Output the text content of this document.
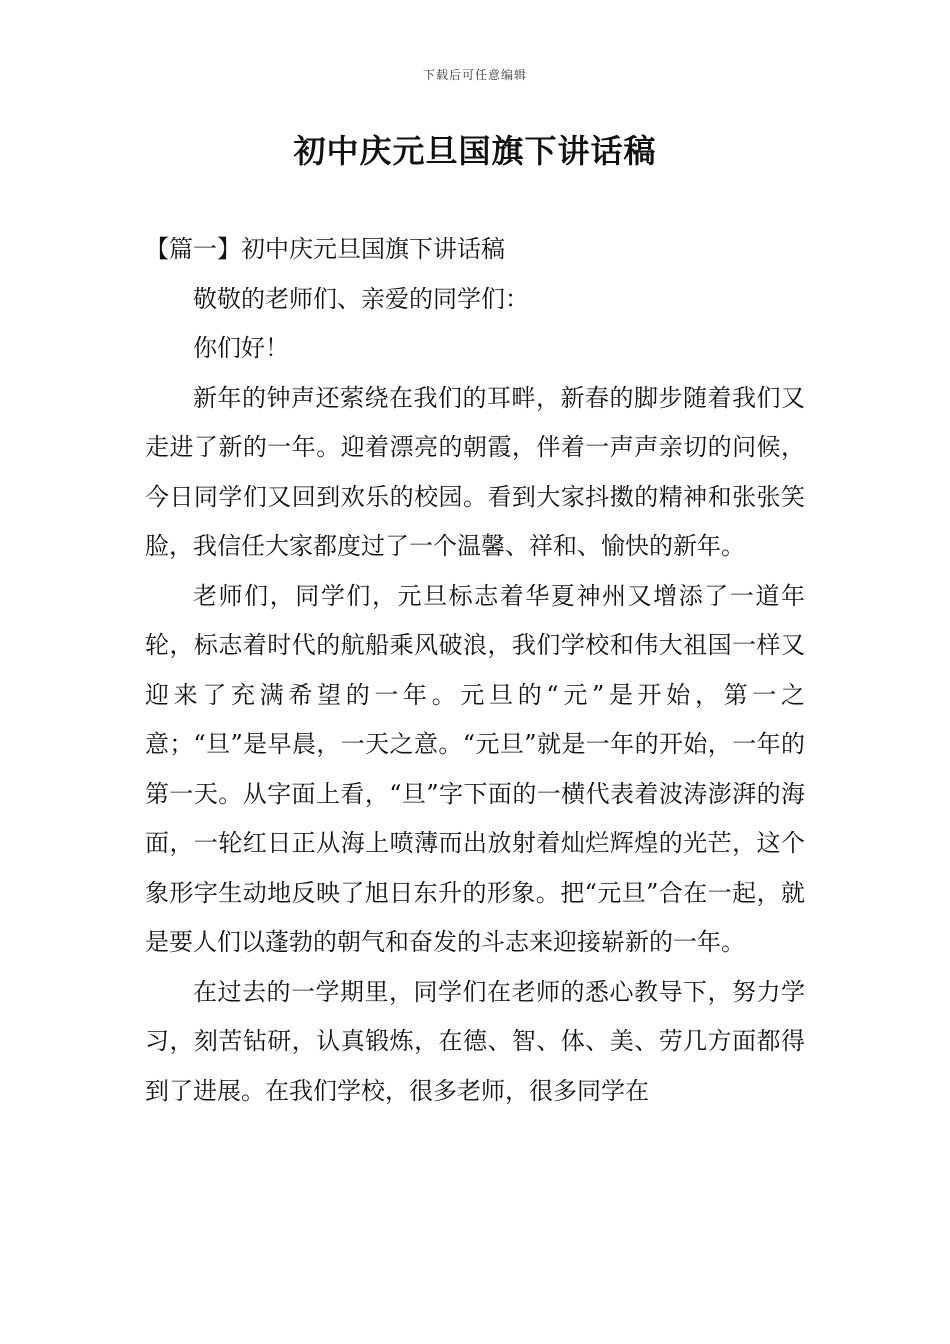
下载后可任意编辑
初中庆元旦国旗下讲话稿

【篇一】初中庆元旦国旗下讲话稿

敬敬的老师们、亲爱的同学们：

你们好！

新年的钟声还萦绕在我们的耳畔，新春的脚步随着我们又走进了新的一年。迎着漂亮的朝霞，伴着一声声亲切的问候，今日同学们又回到欢乐的校园。看到大家抖擞的精神和张张笑脸，我信任大家都度过了一个温馨、祥和、愉快的新年。

老师们，同学们，元旦标志着华夏神州又增添了一道年轮，标志着时代的航船乘风破浪，我们学校和伟大祖国一样又迎来了充满希望的一年。元旦的“元”是开始，第一之意；“旦”是早晨，一天之意。“元旦”就是一年的开始，一年的第一天。从字面上看，“旦”字下面的一横代表着波涛澎湃的海面，一轮红日正从海上喷薄而出放射着灿烂辉煌的光芒，这个象形字生动地反映了旭日东升的形象。把“元旦”合在一起，就是要人们以蓬勃的朝气和奋发的斗志来迎接崭新的一年。

在过去的一学期里，同学们在老师的悉心教导下，努力学习，刻苦钻研，认真锻炼，在德、智、体、美、劳几方面都得到了进展。在我们学校，很多老师，很多同学在
